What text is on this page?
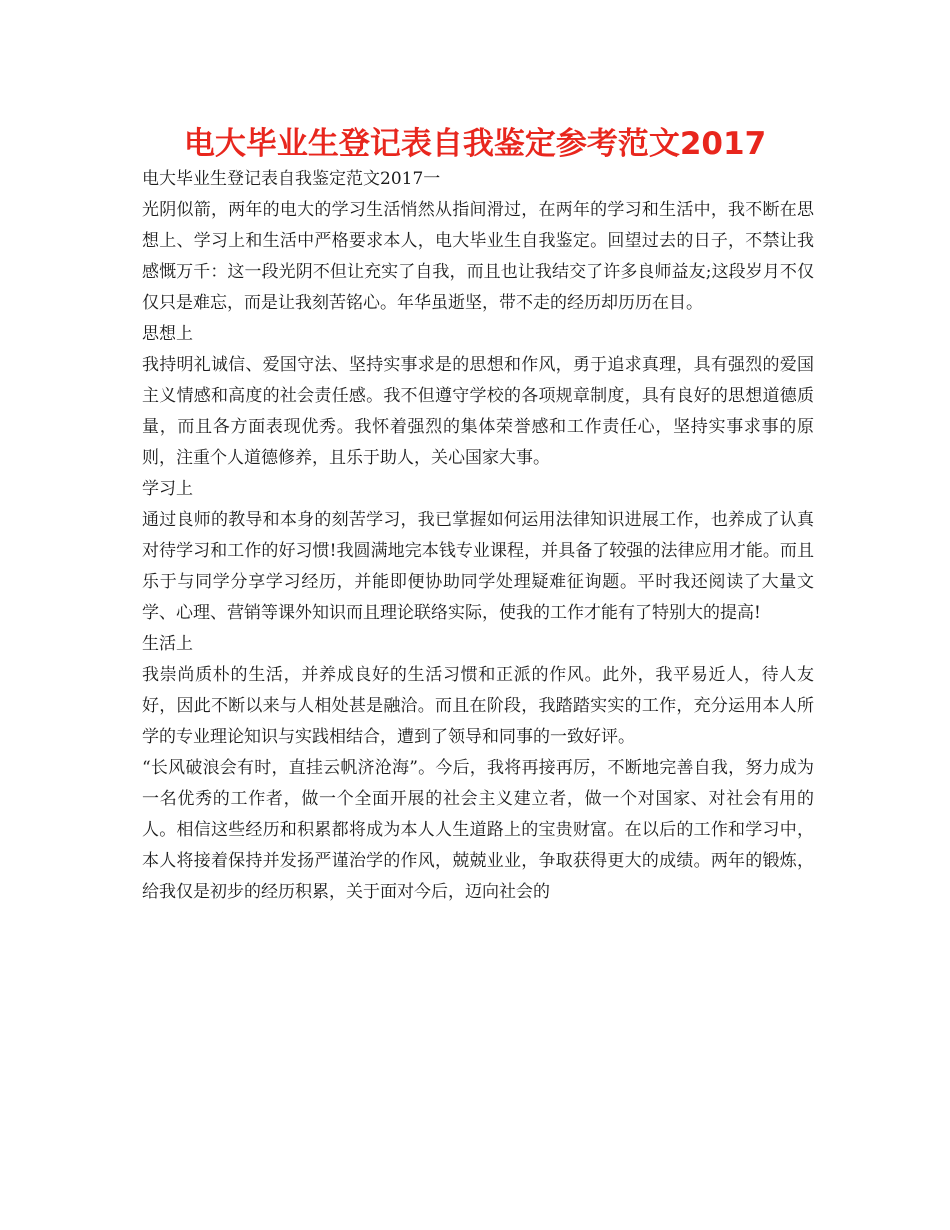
电大毕业生登记表自我鉴定参考范文2017

电大毕业生登记表自我鉴定范文2017一

光阴似箭，两年的电大的学习生活悄然从指间滑过，在两年的学习和生活中，我不断在思想上、学习上和生活中严格要求本人，电大毕业生自我鉴定。回望过去的日子，不禁让我感慨万千：这一段光阴不但让充实了自我，而且也让我结交了许多良师益友;这段岁月不仅仅只是难忘，而是让我刻苦铭心。年华虽逝坚，带不走的经历却历历在目。

思想上

我持明礼诚信、爱国守法、坚持实事求是的思想和作风，勇于追求真理，具有强烈的爱国主义情感和高度的社会责任感。我不但遵守学校的各项规章制度，具有良好的思想道德质量，而且各方面表现优秀。我怀着强烈的集体荣誉感和工作责任心，坚持实事求事的原则，注重个人道德修养，且乐于助人，关心国家大事。

学习上

通过良师的教导和本身的刻苦学习，我已掌握如何运用法律知识进展工作，也养成了认真对待学习和工作的好习惯!我圆满地完本钱专业课程，并具备了较强的法律应用才能。而且乐于与同学分享学习经历，并能即便协助同学处理疑难征询题。平时我还阅读了大量文学、心理、营销等课外知识而且理论联络实际，使我的工作才能有了特别大的提高!

生活上

我崇尚质朴的生活，并养成良好的生活习惯和正派的作风。此外，我平易近人，待人友好，因此不断以来与人相处甚是融洽。而且在阶段，我踏踏实实的工作，充分运用本人所学的专业理论知识与实践相结合，遭到了领导和同事的一致好评。

“长风破浪会有时，直挂云帆济沧海”。今后，我将再接再厉，不断地完善自我，努力成为一名优秀的工作者，做一个全面开展的社会主义建立者，做一个对国家、对社会有用的人。相信这些经历和积累都将成为本人人生道路上的宝贵财富。在以后的工作和学习中，本人将接着保持并发扬严谨治学的作风，兢兢业业，争取获得更大的成绩。两年的锻炼，给我仅是初步的经历积累，关于面对今后，迈向社会的
